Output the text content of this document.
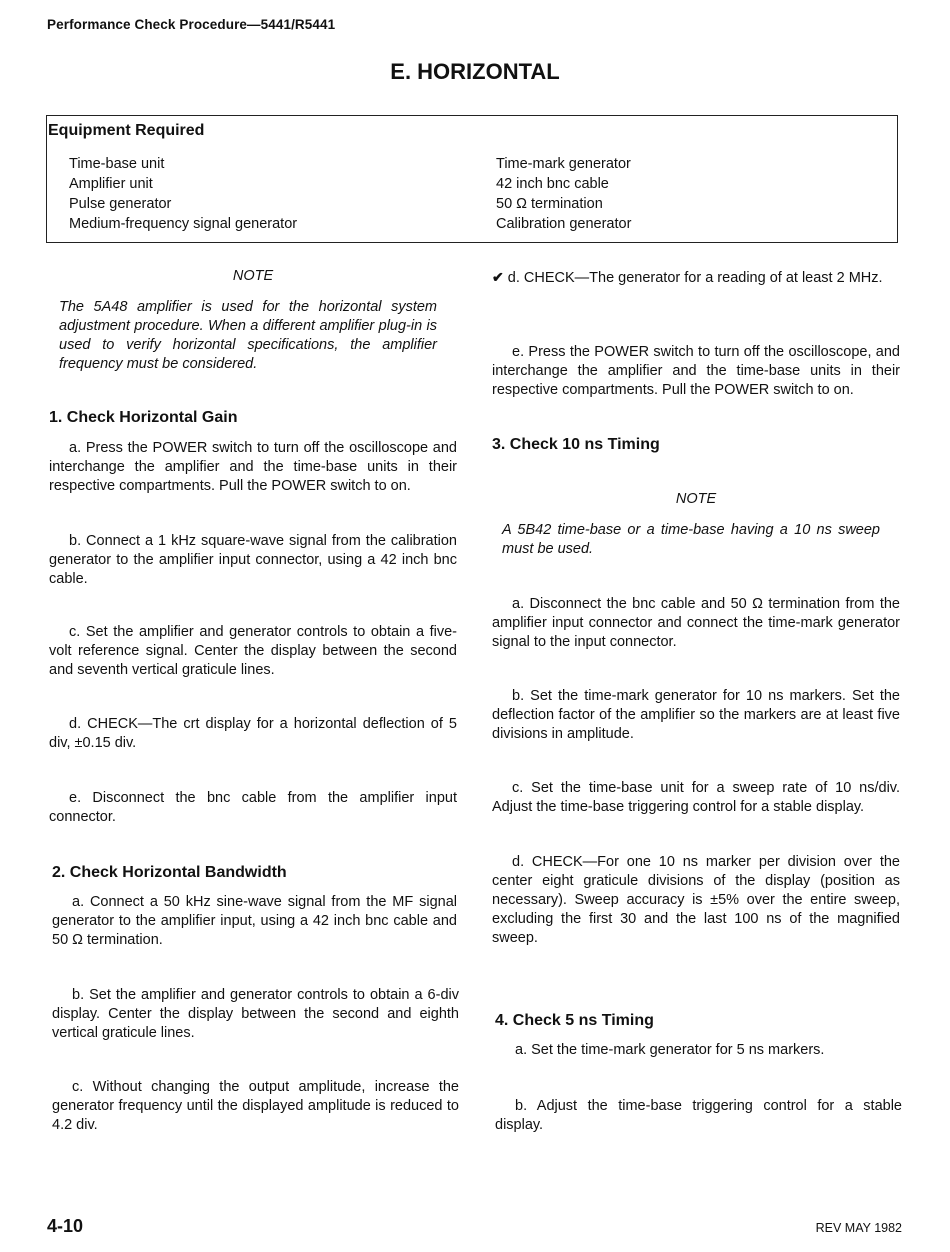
Performance Check Procedure—5441/R5441
E. HORIZONTAL
Equipment Required
Time-base unit
Amplifier unit
Pulse generator
Medium-frequency signal generator
Time-mark generator
42 inch bnc cable
50 Ω termination
Calibration generator
NOTE

The 5A48 amplifier is used for the horizontal system adjustment procedure. When a different amplifier plug-in is used to verify horizontal specifications, the amplifier frequency must be considered.

1. Check Horizontal Gain

a. Press the POWER switch to turn off the oscilloscope and interchange the amplifier and the time-base units in their respective compartments. Pull the POWER switch to on.

b. Connect a 1 kHz square-wave signal from the calibration generator to the amplifier input connector, using a 42 inch bnc cable.

c. Set the amplifier and generator controls to obtain a five-volt reference signal. Center the display between the second and seventh vertical graticule lines.

d. CHECK—The crt display for a horizontal deflection of 5 div, ±0.15 div.

e. Disconnect the bnc cable from the amplifier input connector.

2. Check Horizontal Bandwidth

a. Connect a 50 kHz sine-wave signal from the MF signal generator to the amplifier input, using a 42 inch bnc cable and 50 Ω termination.

b. Set the amplifier and generator controls to obtain a 6-div display. Center the display between the second and eighth vertical graticule lines.

c. Without changing the output amplitude, increase the generator frequency until the displayed amplitude is reduced to 4.2 div.

✔ d. CHECK—The generator for a reading of at least 2 MHz.

e. Press the POWER switch to turn off the oscilloscope, and interchange the amplifier and the time-base units in their respective compartments. Pull the POWER switch to on.

3. Check 10 ns Timing
NOTE

A 5B42 time-base or a time-base having a 10 ns sweep must be used.

a. Disconnect the bnc cable and 50 Ω termination from the amplifier input connector and connect the time-mark generator signal to the input connector.

b. Set the time-mark generator for 10 ns markers. Set the deflection factor of the amplifier so the markers are at least five divisions in amplitude.

c. Set the time-base unit for a sweep rate of 10 ns/div. Adjust the time-base triggering control for a stable display.

d. CHECK—For one 10 ns marker per division over the center eight graticule divisions of the display (position as necessary). Sweep accuracy is ±5% over the entire sweep, excluding the first 30 and the last 100 ns of the magnified sweep.

4. Check 5 ns Timing

a. Set the time-mark generator for 5 ns markers.

b. Adjust the time-base triggering control for a stable display.

4-10	REV MAY 1982
